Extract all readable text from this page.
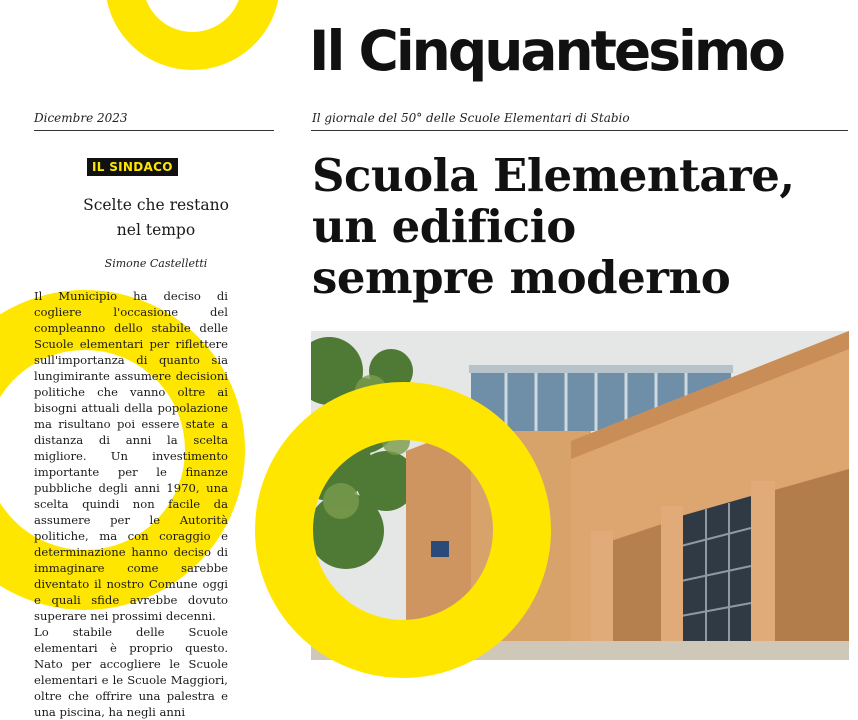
Il Cinquantesimo
Dicembre 2023	Il giornale del 50° delle Scuole Elementari di Stabio
IL SINDACO
Scelte che restano
nel tempo
Simone Castelletti

Il Municipio ha deciso di cogliere l'occasione del compleanno dello stabile delle Scuole elementari per riflettere sull'importanza di quanto sia lungimirante assumere decisioni politiche che vanno oltre ai bisogni attuali della popolazione ma risultano poi essere state a distanza di anni la scelta migliore. Un investimento importante per le finanze pubbliche degli anni 1970, una scelta quindi non facile da assumere per le Autorità politiche, ma con coraggio e determinazione hanno deciso di immaginare come sarebbe diventato il nostro Comune oggi e quali sfide avrebbe dovuto superare nei prossimi decenni.

Lo stabile delle Scuole elementari è proprio questo. Nato per accogliere le Scuole elementari e le Scuole Maggiori, oltre che offrire una palestra e una piscina, ha negli anni

Scuola Elementare,
un edificio
sempre moderno
